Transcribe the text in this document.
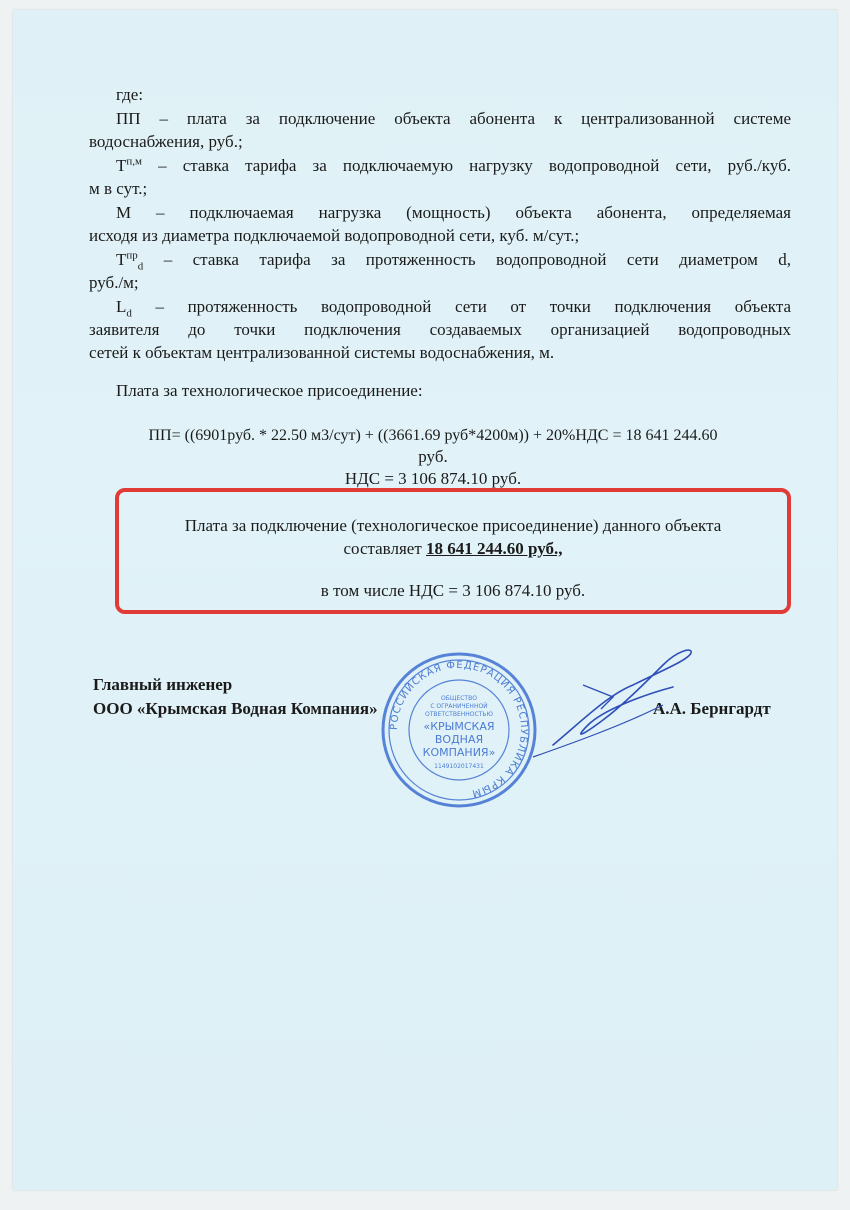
где:
ПП – плата за подключение объекта абонента к централизованной системе
водоснабжения, руб.;
$Т^{п,м}$ – ставка тарифа за подключаемую нагрузку водопроводной сети, руб./куб.
м в сут.;
М – подключаемая нагрузка (мощность) объекта абонента, определяемая
исходя из диаметра подключаемой водопроводной сети, куб. м/сут.;
$Т^{пр}_d$ – ставка тарифа за протяженность водопроводной сети диаметром d,
руб./м;
$L_d$ – протяженность водопроводной сети от точки подключения объекта
заявителя до точки подключения создаваемых организацией водопроводных
сетей к объектам централизованной системы водоснабжения, м.
Плата за технологическое присоединение:
ПП= ((6901руб. * 22.50 м3/сут) + ((3661.69 руб*4200м)) + 20%НДС = 18 641 244.60
руб.
НДС = 3 106 874.10 руб.
Плата за подключение (технологическое присоединение) данного объекта
составляет 18 641 244.60 руб.,
в том числе НДС = 3 106 874.10 руб.
Главный инженер
ООО «Крымская Водная Компания»	А.А. Бернгардт
РОССИЙСКАЯ ФЕДЕРАЦИЯ РЕСПУБЛИКА КРЫМ
ОБЩЕСТВО
С ОГРАНИЧЕННОЙ
ОТВЕТСТВЕННОСТЬЮ
«КРЫМСКАЯ
ВОДНАЯ
КОМПАНИЯ»
1149102017431
